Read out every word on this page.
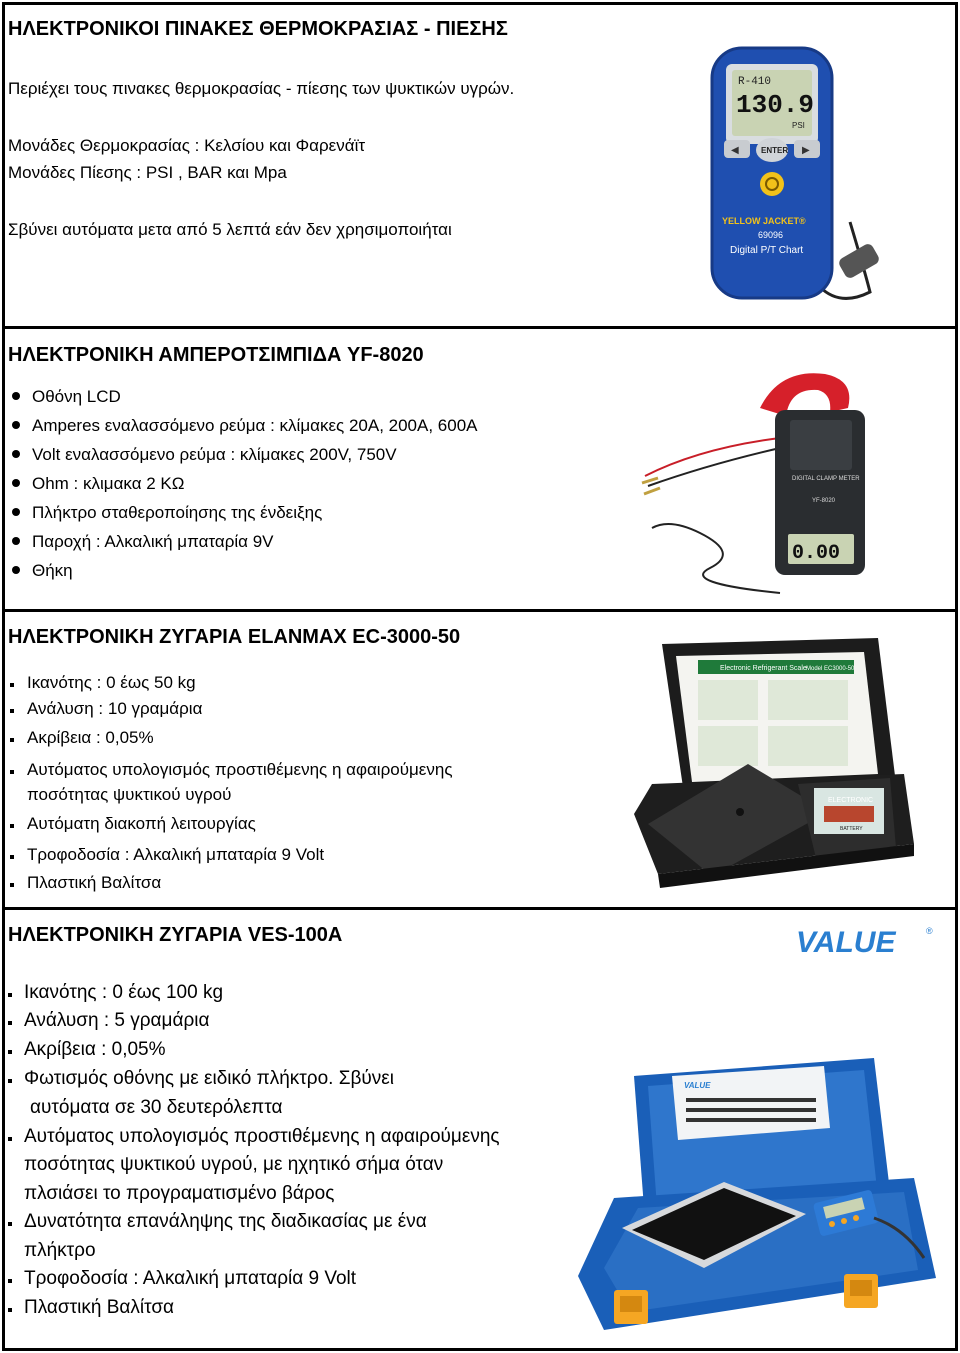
ΗΛΕΚΤΡΟΝΙΚΟΙ ΠΙΝΑΚΕΣ ΘΕΡΜΟΚΡΑΣΙΑΣ - ΠΙΕΣΗΣ
Περιέχει τους πινακες θερμοκρασίας - πίεσης των ψυκτικών υγρών.
Μονάδες Θερμοκρασίας : Κελσίου και Φαρενάϊτ
Μονάδες Πίεσης : PSI , BAR και Mpa
Σβύνει αυτόματα μετα από 5 λεπτά εάν δεν χρησιμοποιήται
R-410
130.9
PSI
◀	ENTER ▶
YELLOW JACKET®
69096
Digital P/T Chart
ΗΛΕΚΤΡΟΝΙΚΗ ΑΜΠΕΡΟΤΣΙΜΠΙΔΑ YF-8020
Οθόνη LCD
Amperes εναλασσόμενο ρεύμα : κλίμακες 20A, 200A, 600A
Volt εναλασσόμενο ρεύμα : κλίμακες 200V, 750V
Ohm : κλιμακα 2 ΚΩ
Πλήκτρο σταθεροποίησης της ένδειξης
Παροχή : Αλκαλική μπαταρία 9V
Θήκη
DIGITAL CLAMP METER
YF-8020
0.00
ΗΛΕΚΤΡΟΝΙΚΗ ΖΥΓΑΡΙΑ ELANMAX EC-3000-50
Ικανότης : 0 έως 50 kg
Ανάλυση : 10 γραμάρια
Ακρίβεια : 0,05%
Αυτόματος υπολογισμός προστιθέμενης η αφαιρούμενης
ποσότητας ψυκτικού υγρού
Αυτόματη διακοπή λειτουργίας
Τροφοδοσία : Αλκαλική μπαταρία 9 Volt
Πλαστική Βαλίτσα
Electronic Refrigerant Scale Model EC3000-50
ELECTRONIC
BATTERY
ΗΛΕΚΤΡΟΝΙΚΗ ΖΥΓΑΡΙΑ VES-100A	VALUE	®
Ικανότης : 0 έως 100 kg
Ανάλυση : 5 γραμάρια
Ακρίβεια : 0,05%
Φωτισμός οθόνης με ειδικό πλήκτρο. Σβύνει
αυτόματα σε 30 δευτερόλεπτα
Αυτόματος υπολογισμός προστιθέμενης η αφαιρούμενης
ποσότητας ψυκτικού υγρού, με ηχητικό σήμα όταν
πλσιάσει το προγραματισμένο βάρος
Δυνατότητα επανάληψης της διαδικασίας με ένα
πλήκτρο
Τροφοδοσία : Αλκαλική μπαταρία 9 Volt
Πλαστική Βαλίτσα
VALUE
